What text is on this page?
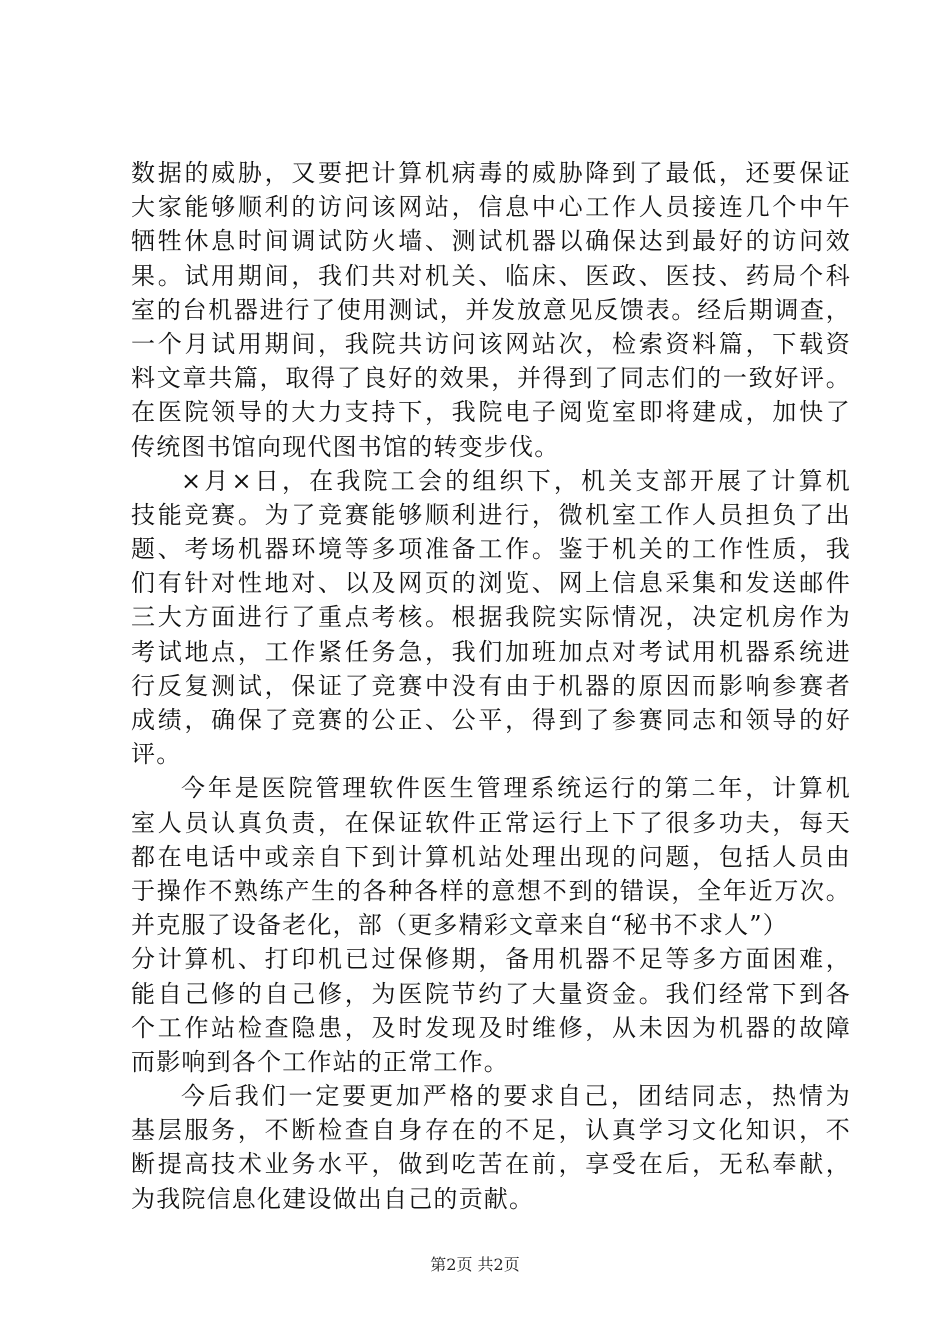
数据的威胁，又要把计算机病毒的威胁降到了最低，还要保证
大家能够顺利的访问该网站，信息中心工作人员接连几个中午
牺牲休息时间调试防火墙、测试机器以确保达到最好的访问效
果。试用期间，我们共对机关、临床、医政、医技、药局个科
室的台机器进行了使用测试，并发放意见反馈表。经后期调查，
一个月试用期间，我院共访问该网站次，检索资料篇，下载资
料文章共篇，取得了良好的效果，并得到了同志们的一致好评。
在医院领导的大力支持下，我院电子阅览室即将建成，加快了
传统图书馆向现代图书馆的转变步伐。
×月×日，在我院工会的组织下，机关支部开展了计算机
技能竞赛。为了竞赛能够顺利进行，微机室工作人员担负了出
题、考场机器环境等多项准备工作。鉴于机关的工作性质，我
们有针对性地对、以及网页的浏览、网上信息采集和发送邮件
三大方面进行了重点考核。根据我院实际情况，决定机房作为
考试地点，工作紧任务急，我们加班加点对考试用机器系统进
行反复测试，保证了竞赛中没有由于机器的原因而影响参赛者
成绩，确保了竞赛的公正、公平，得到了参赛同志和领导的好
评。
今年是医院管理软件医生管理系统运行的第二年，计算机
室人员认真负责，在保证软件正常运行上下了很多功夫，每天
都在电话中或亲自下到计算机站处理出现的问题，包括人员由
于操作不熟练产生的各种各样的意想不到的错误，全年近万次。
并克服了设备老化，部（更多精彩文章来自“秘书不求人”）
分计算机、打印机已过保修期，备用机器不足等多方面困难，
能自己修的自己修，为医院节约了大量资金。我们经常下到各
个工作站检查隐患，及时发现及时维修，从未因为机器的故障
而影响到各个工作站的正常工作。
今后我们一定要更加严格的要求自己，团结同志，热情为
基层服务，不断检查自身存在的不足，认真学习文化知识，不
断提高技术业务水平，做到吃苦在前，享受在后，无私奉献，
为我院信息化建设做出自己的贡献。
第2页 共2页
